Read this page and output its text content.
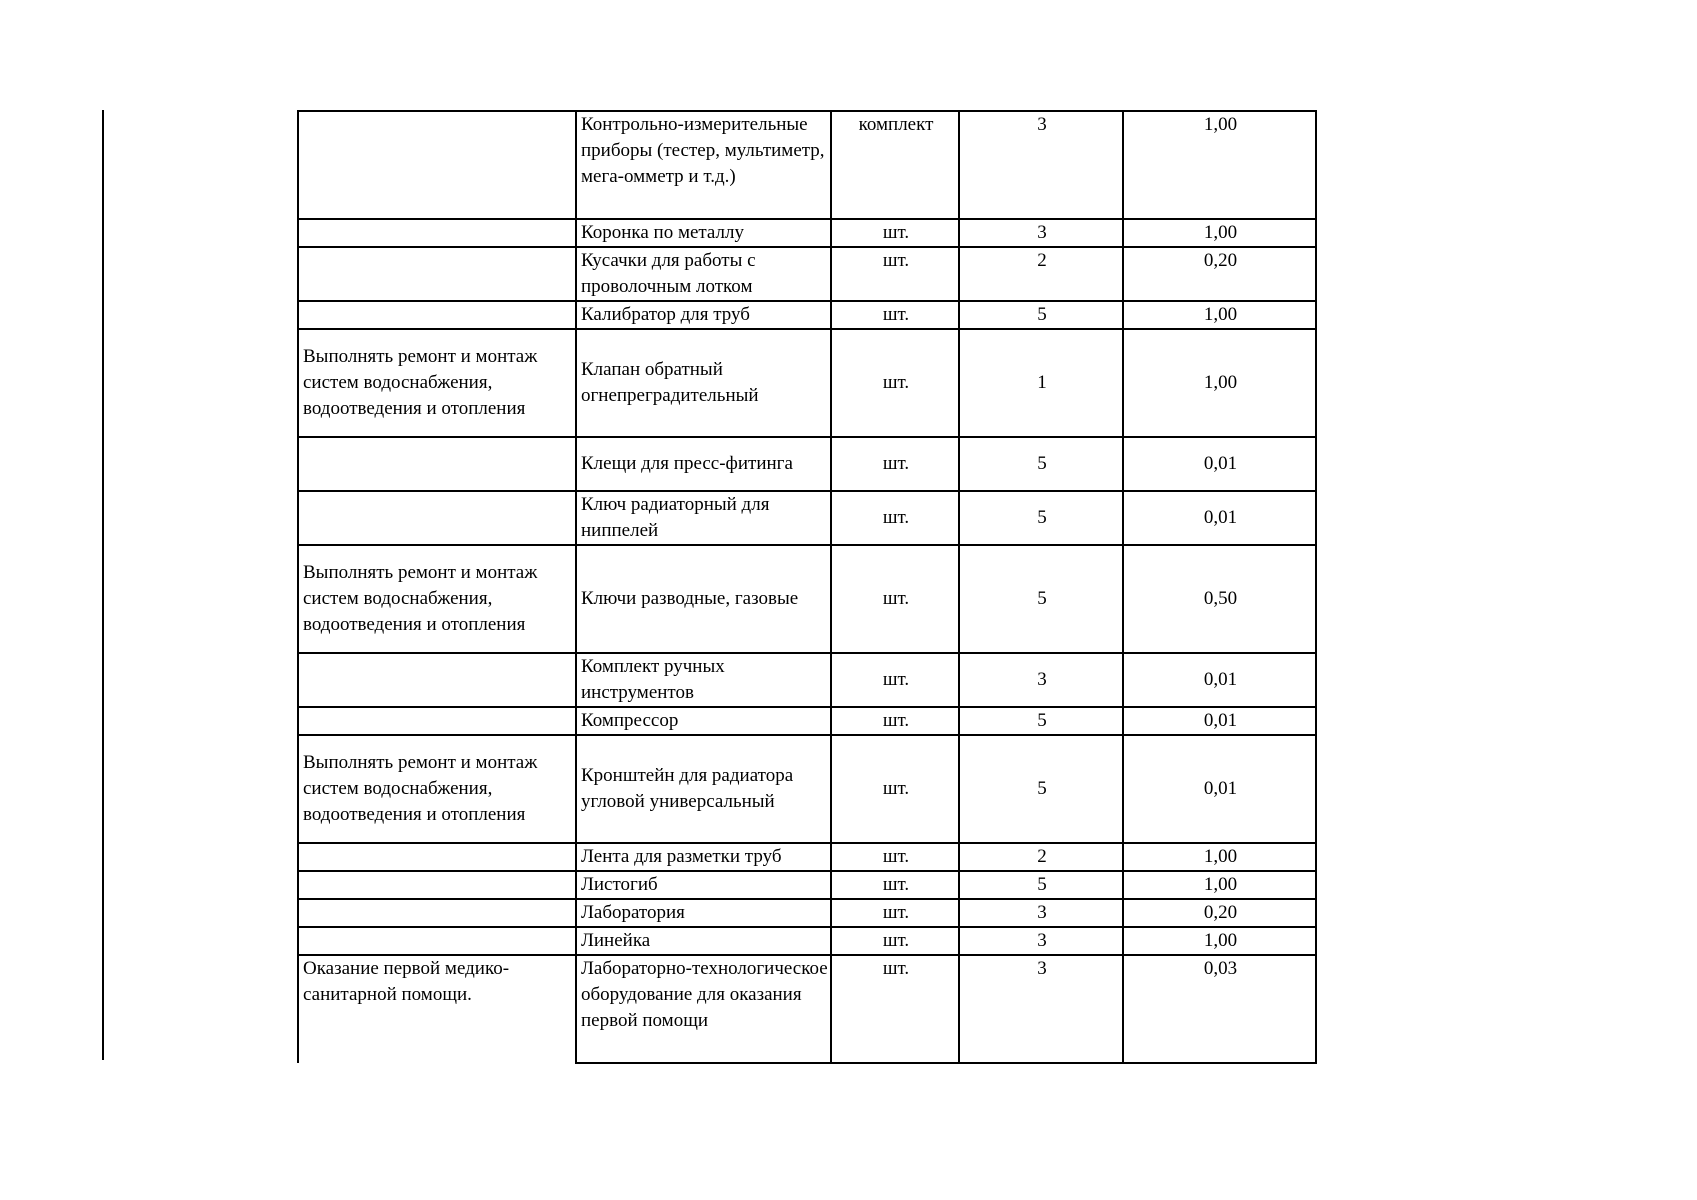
	Контрольно-измерительные приборы (тестер, мультиметр, мега-омметр и т.д.)	комплект	3	1,00
	Коронка по металлу	шт.	3	1,00
	Кусачки для работы с проволочным лотком	шт.	2	0,20
	Калибратор для труб	шт.	5	1,00
Выполнять ремонт и монтаж систем водоснабжения, водоотведения и отопления	Клапан обратный огнепреградительный	шт.	1	1,00
	Клещи для пресс-фитинга	шт.	5	0,01
	Ключ радиаторный для ниппелей	шт.	5	0,01
Выполнять ремонт и монтаж систем водоснабжения, водоотведения и отопления	Ключи разводные, газовые	шт.	5	0,50
	Комплект ручных инструментов	шт.	3	0,01
	Компрессор	шт.	5	0,01
Выполнять ремонт и монтаж систем водоснабжения, водоотведения и отопления	Кронштейн для радиатора угловой универсальный	шт.	5	0,01
	Лента для разметки труб	шт.	2	1,00
	Листогиб	шт.	5	1,00
	Лаборатория	шт.	3	0,20
	Линейка	шт.	3	1,00
Оказание первой медико-санитарной помощи.	Лабораторно-технологическое оборудование для оказания первой помощи	шт.	3	0,03
